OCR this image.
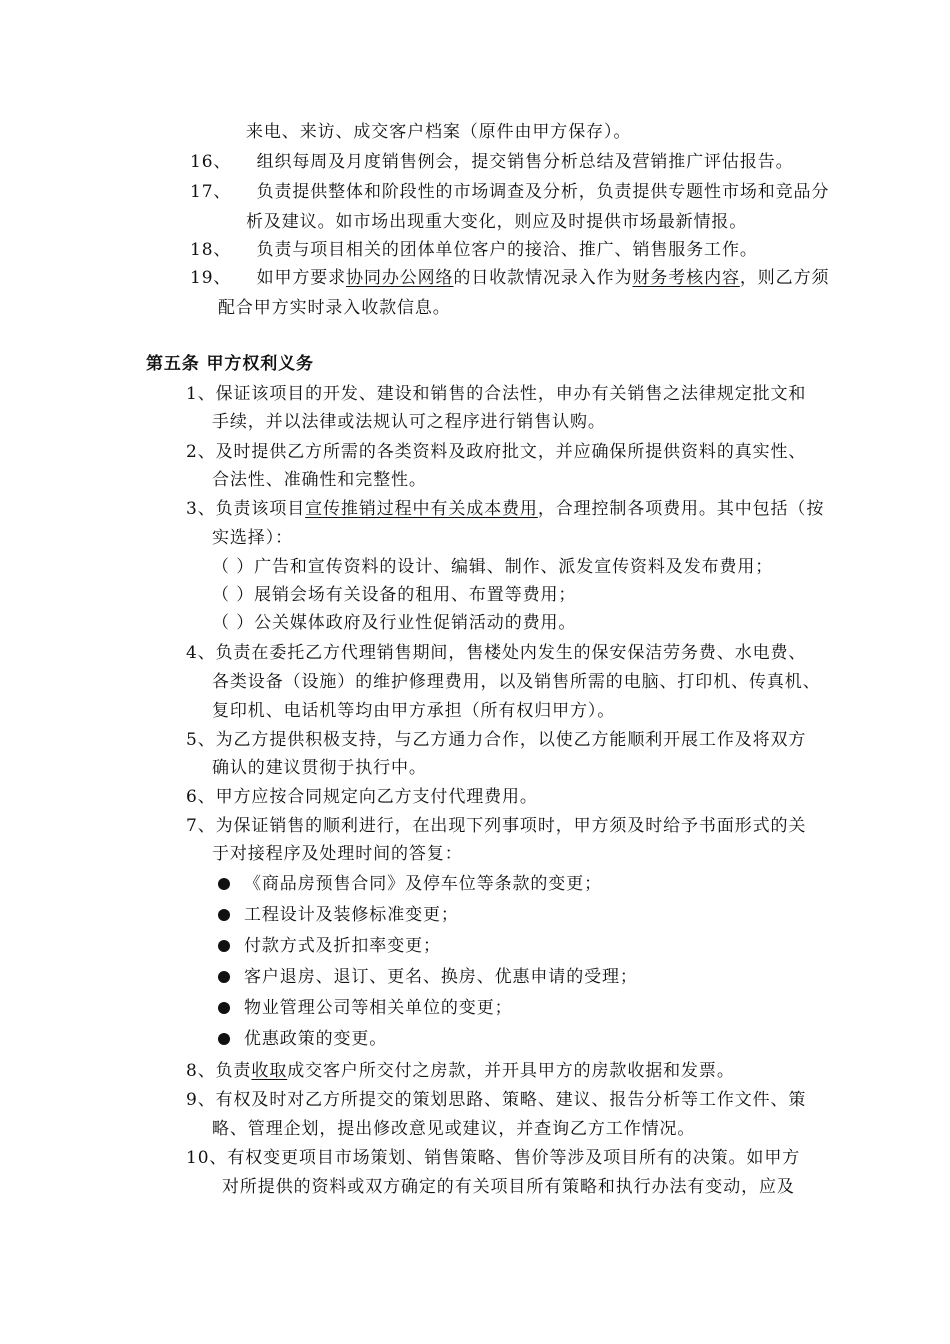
来电、来访、成交客户档案（原件由甲方保存）。
16、 组织每周及月度销售例会，提交销售分析总结及营销推广评估报告。
17、 负责提供整体和阶段性的市场调查及分析，负责提供专题性市场和竞品分
析及建议。如市场出现重大变化，则应及时提供市场最新情报。
18、 负责与项目相关的团体单位客户的接洽、推广、销售服务工作。
19、 如甲方要求协同办公网络的日收款情况录入作为财务考核内容，则乙方须
配合甲方实时录入收款信息。
第五条 甲方权利义务
1、保证该项目的开发、建设和销售的合法性，申办有关销售之法律规定批文和
手续，并以法律或法规认可之程序进行销售认购。
2、及时提供乙方所需的各类资料及政府批文，并应确保所提供资料的真实性、
合法性、准确性和完整性。
3、负责该项目宣传推销过程中有关成本费用，合理控制各项费用。其中包括（按
实选择）：
（ ）广告和宣传资料的设计、编辑、制作、派发宣传资料及发布费用；
（ ）展销会场有关设备的租用、布置等费用；
（ ）公关媒体政府及行业性促销活动的费用。
4、负责在委托乙方代理销售期间，售楼处内发生的保安保洁劳务费、水电费、
各类设备（设施）的维护修理费用，以及销售所需的电脑、打印机、传真机、
复印机、电话机等均由甲方承担（所有权归甲方）。
5、为乙方提供积极支持，与乙方通力合作，以使乙方能顺利开展工作及将双方
确认的建议贯彻于执行中。
6、甲方应按合同规定向乙方支付代理费用。
7、为保证销售的顺利进行，在出现下列事项时，甲方须及时给予书面形式的关
于对接程序及处理时间的答复：
《商品房预售合同》及停车位等条款的变更；
工程设计及装修标准变更；
付款方式及折扣率变更；
客户退房、退订、更名、换房、优惠申请的受理；
物业管理公司等相关单位的变更；
优惠政策的变更。
8、负责收取成交客户所交付之房款，并开具甲方的房款收据和发票。
9、有权及时对乙方所提交的策划思路、策略、建议、报告分析等工作文件、策
略、管理企划，提出修改意见或建议，并查询乙方工作情况。
10、有权变更项目市场策划、销售策略、售价等涉及项目所有的决策。如甲方
对所提供的资料或双方确定的有关项目所有策略和执行办法有变动，应及
